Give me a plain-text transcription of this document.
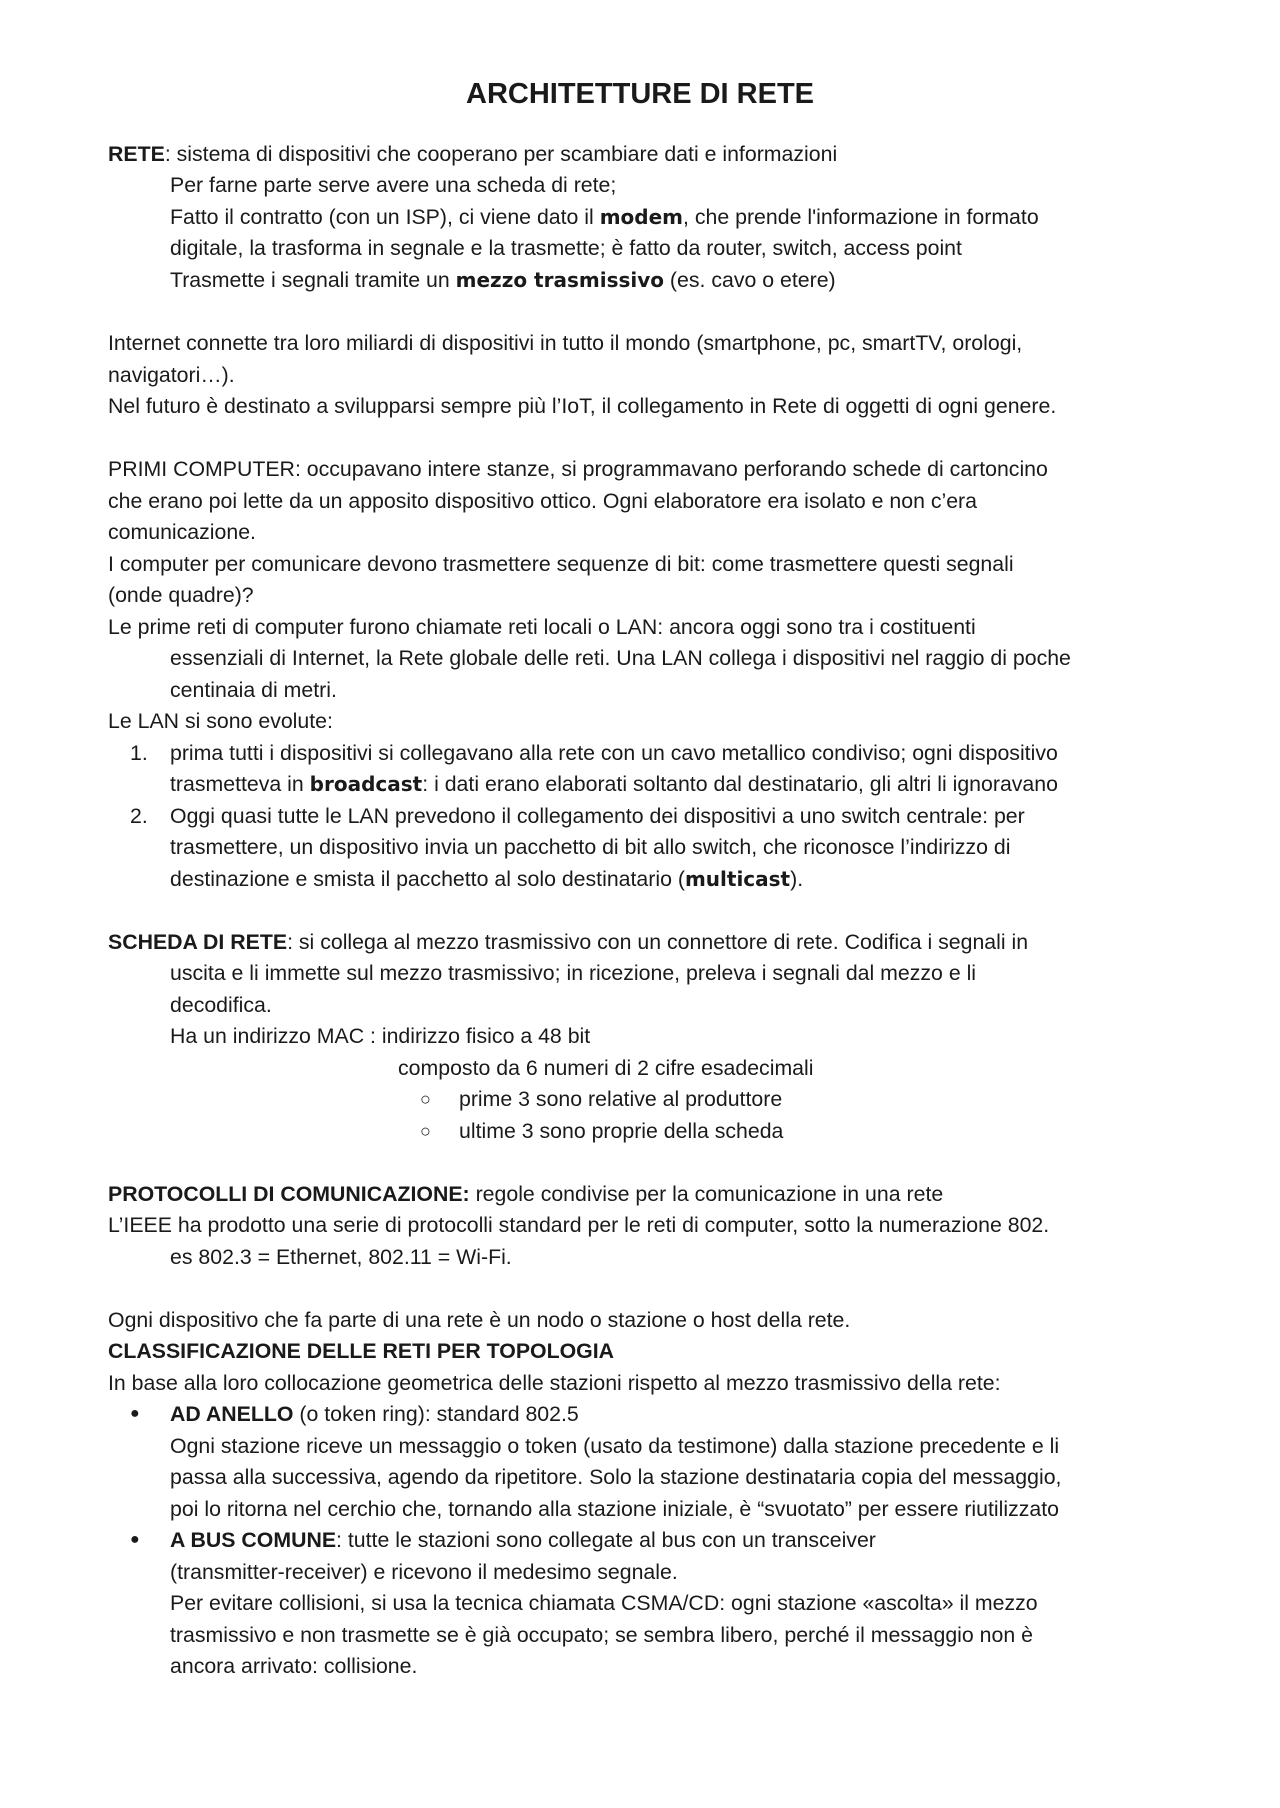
ARCHITETTURE DI RETE

RETE: sistema di dispositivi che cooperano per scambiare dati e informazioni

Per farne parte serve avere una scheda di rete;

Fatto il contratto (con un ISP), ci viene dato il modem, che prende l'informazione in formato

digitale, la trasforma in segnale e la trasmette; è fatto da router, switch, access point

Trasmette i segnali tramite un mezzo trasmissivo (es. cavo o etere)

Internet connette tra loro miliardi di dispositivi in tutto il mondo (smartphone, pc, smartTV, orologi,

navigatori…).

Nel futuro è destinato a svilupparsi sempre più l’IoT, il collegamento in Rete di oggetti di ogni genere.

PRIMI COMPUTER: occupavano intere stanze, si programmavano perforando schede di cartoncino

che erano poi lette da un apposito dispositivo ottico. Ogni elaboratore era isolato e non c’era

comunicazione.

I computer per comunicare devono trasmettere sequenze di bit: come trasmettere questi segnali

(onde quadre)?

Le prime reti di computer furono chiamate reti locali o LAN: ancora oggi sono tra i costituenti

essenziali di Internet, la Rete globale delle reti. Una LAN collega i dispositivi nel raggio di poche

centinaia di metri.

Le LAN si sono evolute:

1. prima tutti i dispositivi si collegavano alla rete con un cavo metallico condiviso; ogni dispositivo

trasmetteva in broadcast: i dati erano elaborati soltanto dal destinatario, gli altri li ignoravano

2. Oggi quasi tutte le LAN prevedono il collegamento dei dispositivi a uno switch centrale: per

trasmettere, un dispositivo invia un pacchetto di bit allo switch, che riconosce l’indirizzo di

destinazione e smista il pacchetto al solo destinatario (multicast).

SCHEDA DI RETE: si collega al mezzo trasmissivo con un connettore di rete. Codifica i segnali in

uscita e li immette sul mezzo trasmissivo; in ricezione, preleva i segnali dal mezzo e li

decodifica.

Ha un indirizzo MAC : indirizzo fisico a 48 bit

composto da 6 numeri di 2 cifre esadecimali

○ prime 3 sono relative al produttore

○ ultime 3 sono proprie della scheda

PROTOCOLLI DI COMUNICAZIONE: regole condivise per la comunicazione in una rete

L’IEEE ha prodotto una serie di protocolli standard per le reti di computer, sotto la numerazione 802.

es 802.3 = Ethernet, 802.11 = Wi-Fi.

Ogni dispositivo che fa parte di una rete è un nodo o stazione o host della rete.

CLASSIFICAZIONE DELLE RETI PER TOPOLOGIA

In base alla loro collocazione geometrica delle stazioni rispetto al mezzo trasmissivo della rete:

● AD ANELLO (o token ring): standard 802.5

Ogni stazione riceve un messaggio o token (usato da testimone) dalla stazione precedente e li

passa alla successiva, agendo da ripetitore. Solo la stazione destinataria copia del messaggio,

poi lo ritorna nel cerchio che, tornando alla stazione iniziale, è “svuotato” per essere riutilizzato

● A BUS COMUNE: tutte le stazioni sono collegate al bus con un transceiver

(transmitter-receiver) e ricevono il medesimo segnale.

Per evitare collisioni, si usa la tecnica chiamata CSMA/CD: ogni stazione «ascolta» il mezzo

trasmissivo e non trasmette se è già occupato; se sembra libero, perché il messaggio non è

ancora arrivato: collisione.
